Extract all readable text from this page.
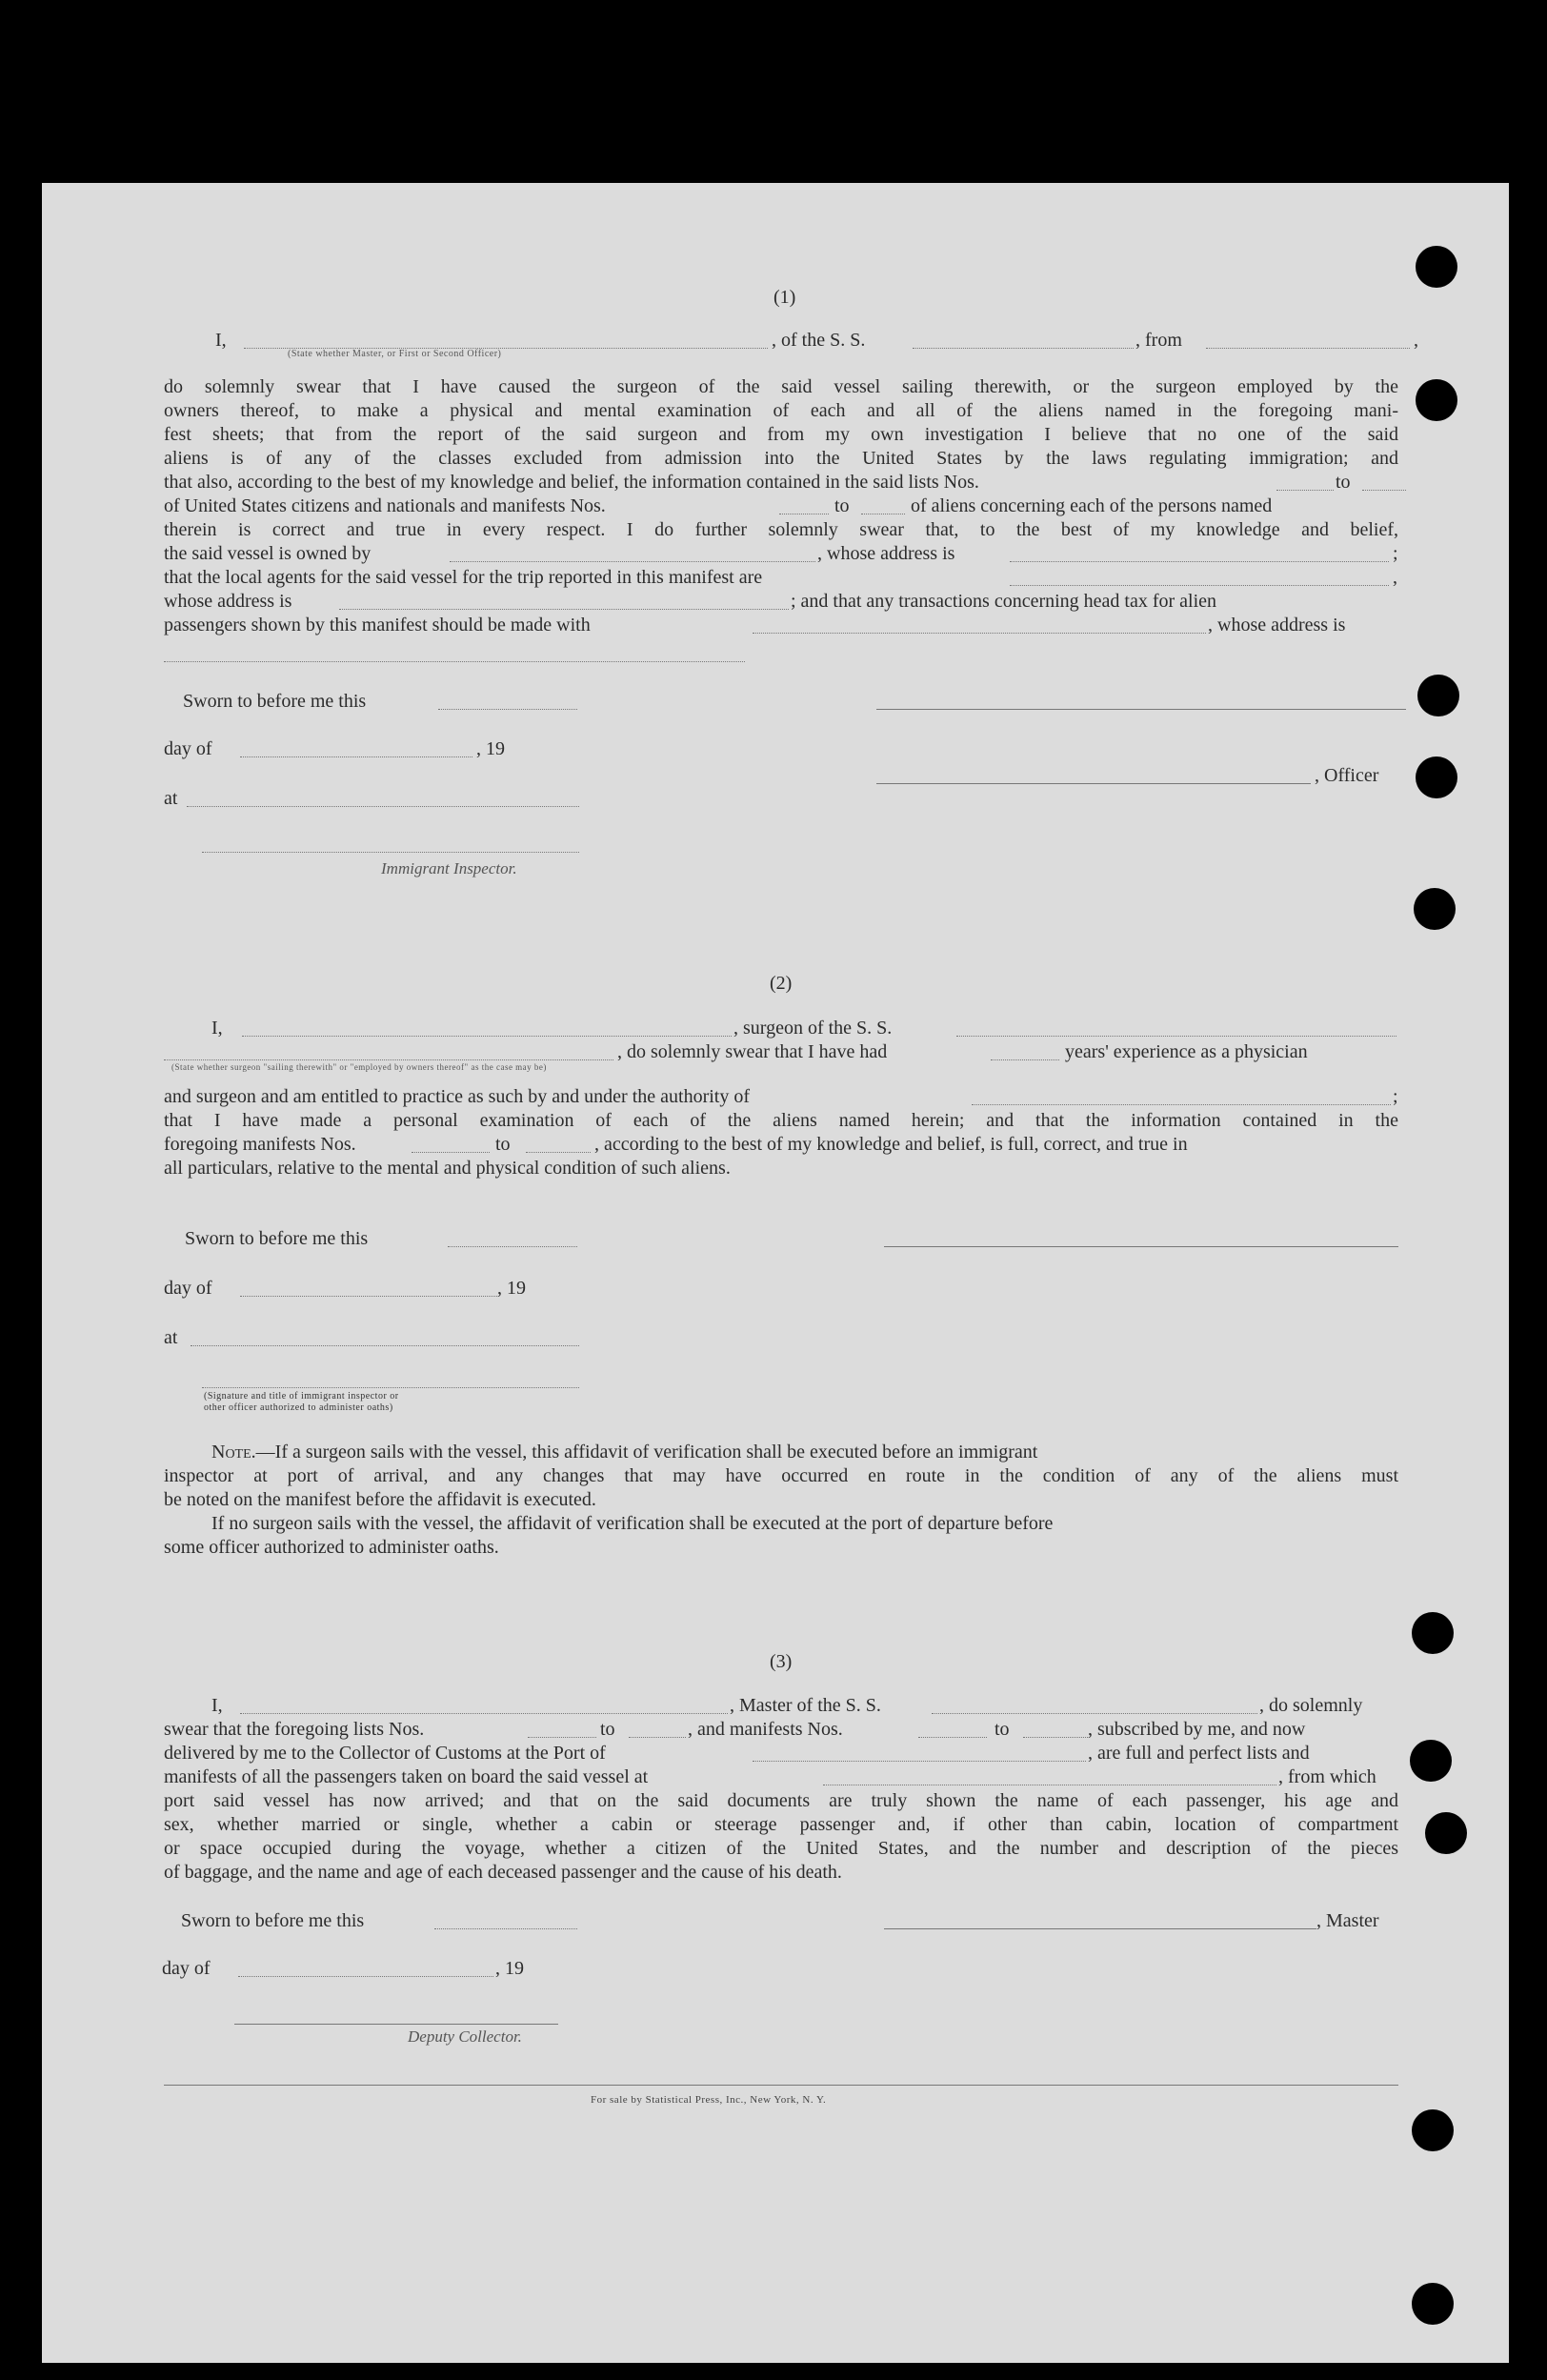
(1)
I,	, of the S. S.	, from	,
(State whether Master, or First or Second Officer)
do solemnly swear that I have caused the surgeon of the said vessel sailing therewith, or the surgeon employed by the
owners thereof, to make a physical and mental examination of each and all of the aliens named in the foregoing mani-
fest sheets; that from the report of the said surgeon and from my own investigation I believe that no one of the said
aliens is of any of the classes excluded from admission into the United States by the laws regulating immigration; and
that also, according to the best of my knowledge and belief, the information contained in the said lists Nos.	to
of United States citizens and nationals and manifests Nos.	to	of aliens concerning each of the persons named
therein is correct and true in every respect. I do further solemnly swear that, to the best of my knowledge and belief,
the said vessel is owned by	, whose address is	;
that the local agents for the said vessel for the trip reported in this manifest are	,
whose address is	; and that any transactions concerning head tax for alien
passengers shown by this manifest should be made with	, whose address is
Sworn to before me this
day of	, 19
, Officer
at
Immigrant Inspector.
(2)
I,	, surgeon of the S. S.
(State whether surgeon "sailing therewith" or "employed by owners thereof" as the case may be)
, do solemnly swear that I have had	years' experience as a physician
and surgeon and am entitled to practice as such by and under the authority of	;
that I have made a personal examination of each of the aliens named herein; and that the information contained in the
foregoing manifests Nos.	to	, according to the best of my knowledge and belief, is full, correct, and true in
all particulars, relative to the mental and physical condition of such aliens.
Sworn to before me this
day of	, 19
at
(Signature and title of immigrant inspector or
other officer authorized to administer oaths)
Note.—If a surgeon sails with the vessel, this affidavit of verification shall be executed before an immigrant
inspector at port of arrival, and any changes that may have occurred en route in the condition of any of the aliens must
be noted on the manifest before the affidavit is executed.
If no surgeon sails with the vessel, the affidavit of verification shall be executed at the port of departure before
some officer authorized to administer oaths.
(3)
I,	, Master of the S. S.	, do solemnly
swear that the foregoing lists Nos.	to	, and manifests Nos.	to	, subscribed by me, and now
delivered by me to the Collector of Customs at the Port of	, are full and perfect lists and
manifests of all the passengers taken on board the said vessel at	, from which
port said vessel has now arrived; and that on the said documents are truly shown the name of each passenger, his age and
sex, whether married or single, whether a cabin or steerage passenger and, if other than cabin, location of compartment
or space occupied during the voyage, whether a citizen of the United States, and the number and description of the pieces
of baggage, and the name and age of each deceased passenger and the cause of his death.
Sworn to before me this	, Master
day of	, 19
Deputy Collector.
For sale by Statistical Press, Inc., New York, N. Y.
